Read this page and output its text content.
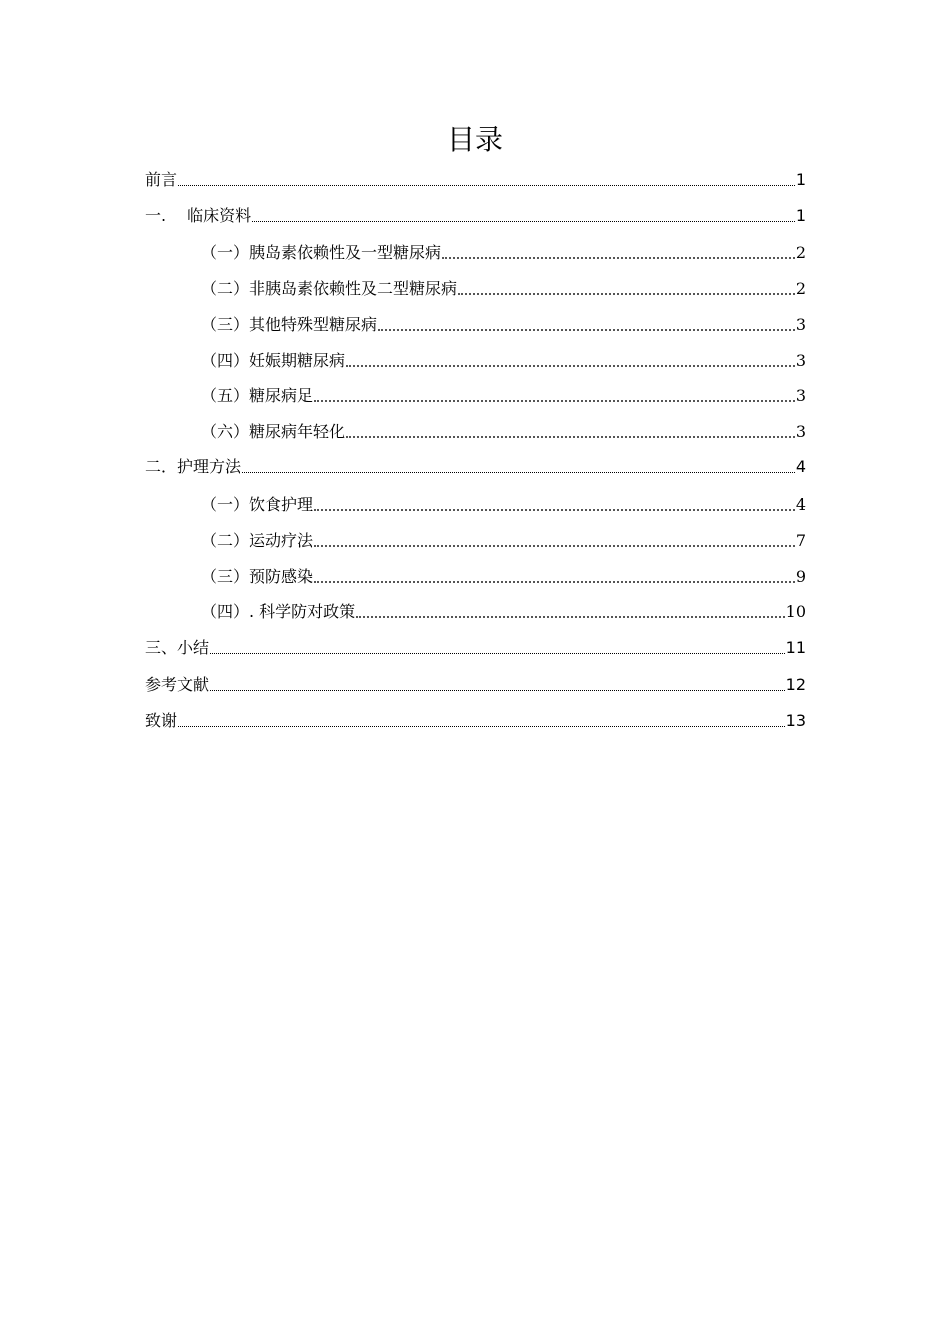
目录
前言	1
一.　 临床资料	1
（一）胰岛素依赖性及一型糖尿病	2
（二）非胰岛素依赖性及二型糖尿病	2
（三）其他特殊型糖尿病	3
（四）妊娠期糖尿病	3
（五）糖尿病足	3
（六）糖尿病年轻化	3
二．护理方法	4
（一）饮食护理	4
（二）运动疗法	7
（三）预防感染	9
（四）. 科学防对政策	10
三、小结	11
参考文献	12
致谢	13
